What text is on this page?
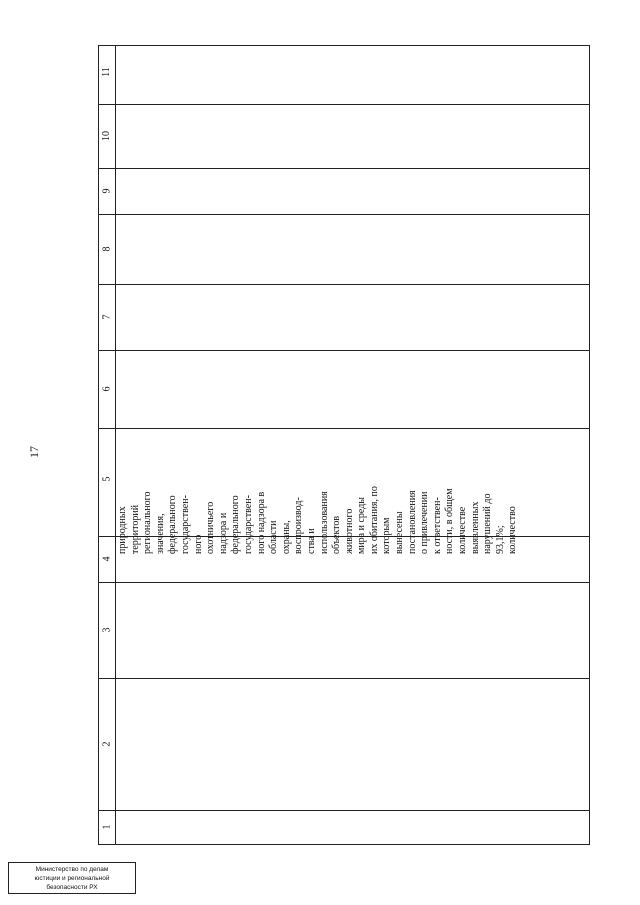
17
11
10
9
8
7
6
5
4
3
2
1
природных
территорий
регионального
значения,
федерального
государствен-
ного
охотничьего
надзора и
федерального
государствен-
ного надзора в
области
охраны,
воспроизвод-
ства и
использования
объектов
животного
мира и среды
их обитания, по
которым
вынесены
постановления
о привлечении
к ответствен-
ности, в общем
количестве
выявленных
нарушений до
93,1%;
количество
Министерство по делам
юстиции и региональной
безопасности РХ
